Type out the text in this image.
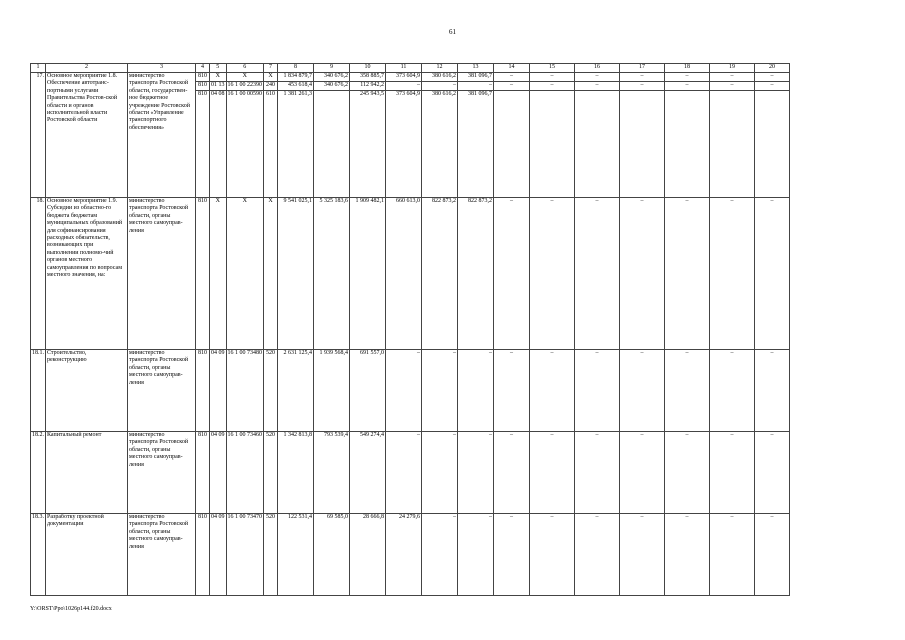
61
1	2	3	4	5	6	7	8	9	10	11	12	13	14	15	16	17	18	19	20
17.	Основное мероприятие 1.8. Обеспечение автотранс-портными услугами Правительства Ростов-ской области и органов исполнительной власти Ростовской области	министерство транспорта Ростовской области, государствен-ное бюджетное учреждение Ростовской области «Управление транспортного обеспечения»	810	Х	Х	Х	1 834 879,7	340 676,2	358 885,7	373 604,9	380 616,2	381 096,7	–	–	–	–	–	–	–
			810	01 13	16 1 00 22390	240	453 618,4	340 676,2	112 942,2	–	–	–	–	–	–	–	–	–	–
			810	04 08	16 1 00 00590	610	1 381 261,3		245 943,5	373 604,9	380 616,2	381 096,7							
18.	Основное мероприятие 1.9. Субсидии из областно-го бюджета бюджетам муниципальных образований для софинансирования расходных обязательств, возникающих при выполнении полномо-чий органов местного самоуправления по вопросам местного значения, на:	министерство транспорта Ростовской области, органы местного самоуправ-ления	810	Х	Х	Х	9 541 025,1	5 325 183,6	1 909 482,1	660 613,0	822 873,2	822 873,2	–	–	–	–	–	–	–
18.1.	Строительство, реконструкцию	министерство транспорта Ростовской области, органы местного самоуправ-ления	810	04 09	16 1 00 73480	520	2 631 125,4	1 939 568,4	691 557,0	–	–	–	–	–	–	–	–	–	–
18.2.	Капитальный ремонт	министерство транспорта Ростовской области, органы местного самоуправ-ления	810	04 09	16 1 00 73460	520	1 342 813,8	793 539,4	549 274,4	–	–	–	–	–	–	–	–	–	–
18.3.	Разработку проектной документации	министерство транспорта Ростовской области, органы местного самоуправ-ления	810	04 09	16 1 00 73470	520	122 531,4	69 585,0	28 666,8	24 279,6	–	–	–	–	–	–	–	–	–
Y:\ORST\Ppo\1026p144.f20.docx
